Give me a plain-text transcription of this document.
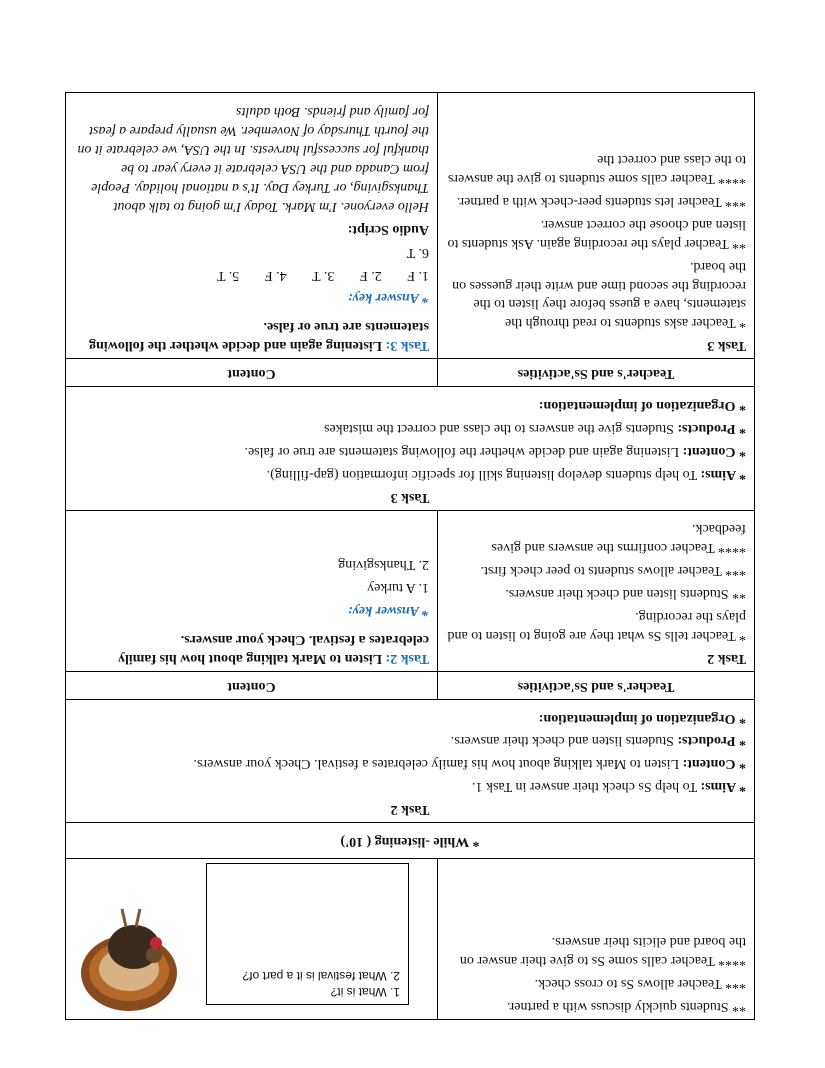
** Students quickly discuss with a partner.

*** Teacher allows Ss to cross check.

**** Teacher calls some Ss to give their answer on the board and elicits their answers.

1. What is it?
2. What festival is it a part of?
* While -listening ( 10')

Task 2

* Aims: To help Ss check their answer in Task 1.

* Content: Listen to Mark talking about how his family celebrates a festival. Check your answers.

* Products: Students listen and check their answers.

* Organization of implementation:

Teacher's and Ss'activities
Content

Task 2

* Teacher tells Ss what they are going to listen to and plays the recording.

** Students listen and check their answers.

*** Teacher allows students to peer check first.

**** Teacher confirms the answers and gives feedback.

Task 2: Listen to Mark talking about how his family celebrates a festival. Check your answers.

* Answer key:

1. A turkey

2. Thanksgiving

Task 3

* Aims: To help students develop listening skill for specific information (gap-filling).

* Content: Listening again and decide whether the following statements are true or false.

* Products: Students give the answers to the class and correct the mistakes

* Organization of implementation:

Teacher's and Ss'activities
Content

Task 3

* Teacher asks students to read through the statements, have a guess before they listen to the recording the second time and write their guesses on the board.

** Teacher plays the recording again. Ask students to listen and choose the correct answer.

*** Teacher lets students peer-check with a partner.

**** Teacher calls some students to give the answers to the class and correct the

Task 3: Listening again and decide whether the following statements are true or false.

* Answer key:

1. F 2. F 3. T 4. F 5. T

6. T

Audio Script:

Hello everyone. I'm Mark. Today I'm going to talk about Thanksgiving, or Turkey Day. It's a national holiday. People from Canada and the USA celebrate it every year to be thankful for successful harvests. In the USA, we celebrate it on the fourth Thursday of November. We usually prepare a feast for family and friends. Both adults
